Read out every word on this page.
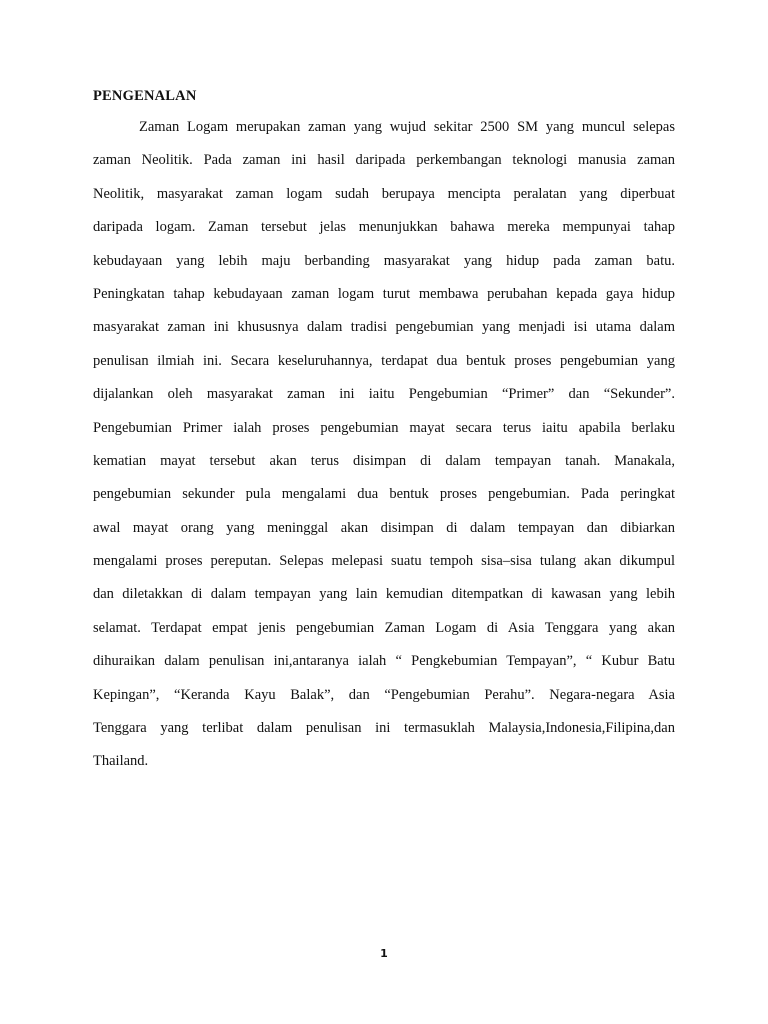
PENGENALAN
Zaman Logam merupakan zaman yang wujud sekitar 2500 SM yang muncul selepas
zaman Neolitik. Pada zaman ini hasil daripada perkembangan teknologi manusia zaman
Neolitik, masyarakat zaman logam sudah berupaya mencipta peralatan yang diperbuat
daripada logam. Zaman tersebut jelas menunjukkan bahawa mereka mempunyai tahap
kebudayaan yang lebih maju berbanding masyarakat yang hidup pada zaman batu.
Peningkatan tahap kebudayaan zaman logam turut membawa perubahan kepada gaya hidup
masyarakat zaman ini khususnya dalam tradisi pengebumian yang menjadi isi utama dalam
penulisan ilmiah ini. Secara keseluruhannya, terdapat dua bentuk proses pengebumian yang
dijalankan oleh masyarakat zaman ini iaitu Pengebumian “Primer” dan “Sekunder”.
Pengebumian Primer ialah proses pengebumian mayat secara terus iaitu apabila berlaku
kematian mayat tersebut akan terus disimpan di dalam tempayan tanah. Manakala,
pengebumian sekunder pula mengalami dua bentuk proses pengebumian. Pada peringkat
awal mayat orang yang meninggal akan disimpan di dalam tempayan dan dibiarkan
mengalami proses pereputan. Selepas melepasi suatu tempoh sisa–sisa tulang akan dikumpul
dan diletakkan di dalam tempayan yang lain kemudian ditempatkan di kawasan yang lebih
selamat. Terdapat empat jenis pengebumian Zaman Logam di Asia Tenggara yang akan
dihuraikan dalam penulisan ini,antaranya ialah “ Pengkebumian Tempayan”, “ Kubur Batu
Kepingan”, “Keranda Kayu Balak”, dan “Pengebumian Perahu”. Negara-negara Asia
Tenggara yang terlibat dalam penulisan ini termasuklah Malaysia,Indonesia,Filipina,dan
Thailand.
1
